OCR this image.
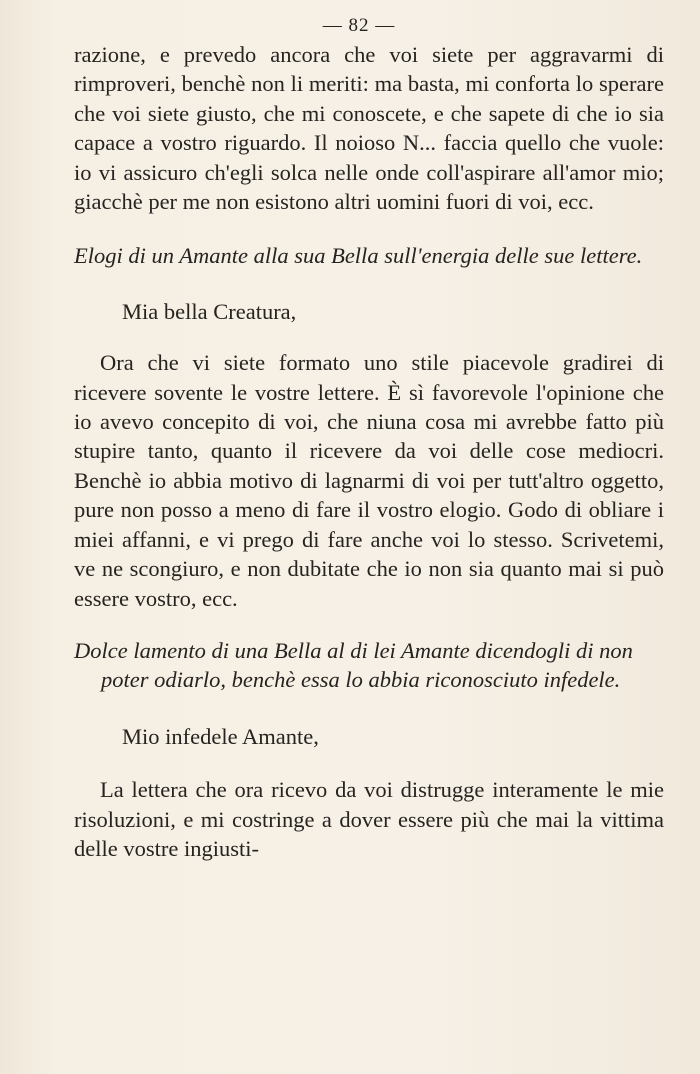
— 82 —

razione, e prevedo ancora che voi siete per aggravarmi di rimproveri, benchè non li meriti: ma basta, mi conforta lo sperare che voi siete giusto, che mi conoscete, e che sapete di che io sia capace a vostro riguardo. Il noioso N... faccia quello che vuole: io vi assicuro ch'egli solca nelle onde coll'aspirare all'amor mio; giacchè per me non esistono altri uomini fuori di voi, ecc.

Elogi di un Amante alla sua Bella sull'energia delle sue lettere.
Mia bella Creatura,

Ora che vi siete formato uno stile piacevole gradirei di ricevere sovente le vostre lettere. È sì favorevole l'opinione che io avevo concepito di voi, che niuna cosa mi avrebbe fatto più stupire tanto, quanto il ricevere da voi delle cose mediocri. Benchè io abbia motivo di lagnarmi di voi per tutt'altro oggetto, pure non posso a meno di fare il vostro elogio. Godo di obliare i miei affanni, e vi prego di fare anche voi lo stesso. Scrivetemi, ve ne scongiuro, e non dubitate che io non sia quanto mai si può essere vostro, ecc.

Dolce lamento di una Bella al di lei Amante dicendogli di non poter odiarlo, benchè essa lo abbia riconosciuto infedele.
Mio infedele Amante,

La lettera che ora ricevo da voi distrugge interamente le mie risoluzioni, e mi costringe a dover essere più che mai la vittima delle vostre ingiusti-
